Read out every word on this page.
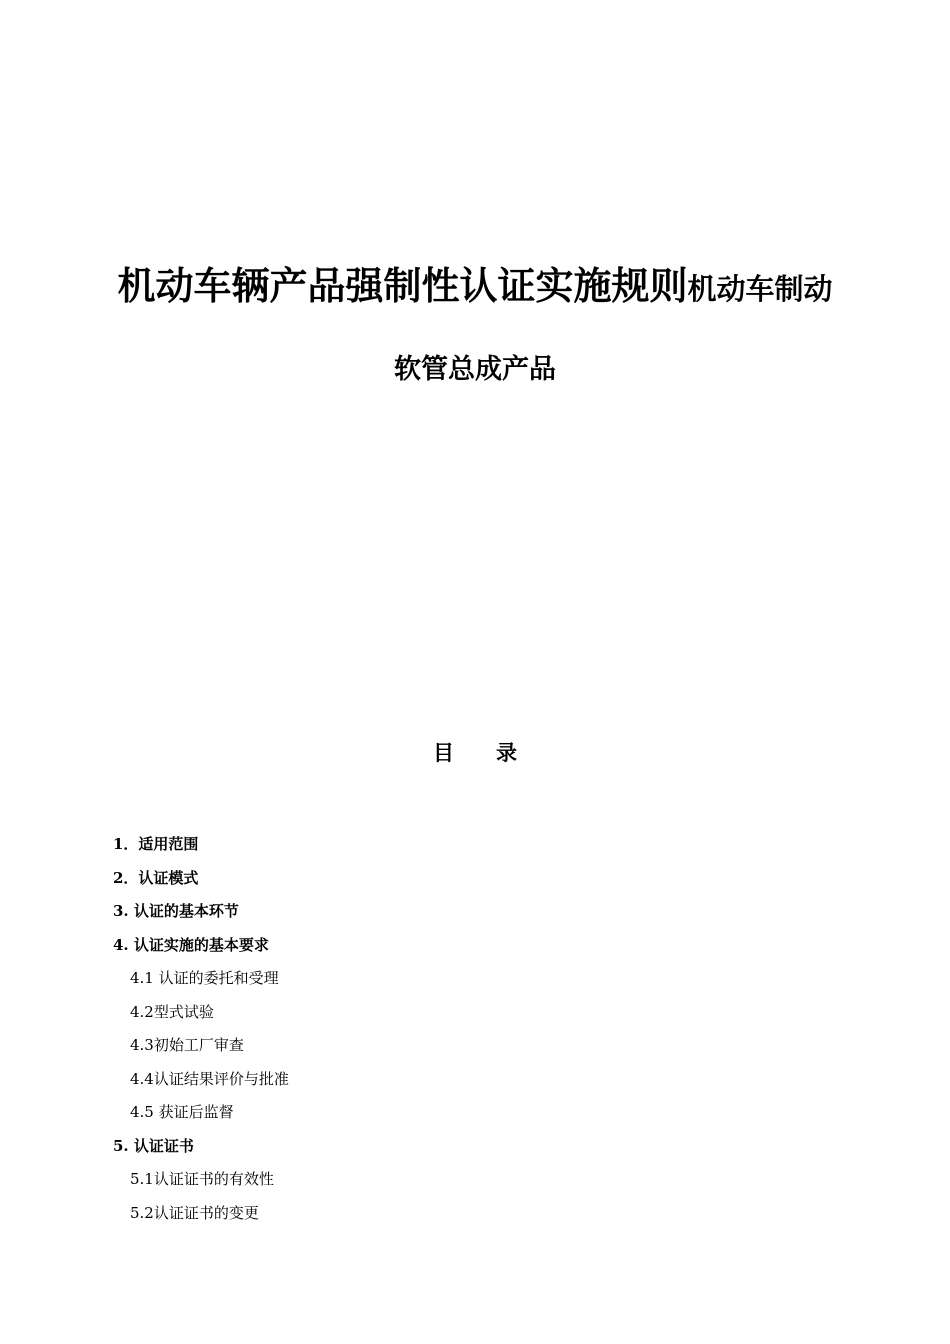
机动车辆产品强制性认证实施规则机动车制动
软管总成产品
目　　录
1．适用范围
2．认证模式
3. 认证的基本环节
4. 认证实施的基本要求
4.1 认证的委托和受理
4.2型式试验
4.3初始工厂审查
4.4认证结果评价与批准
4.5 获证后监督
5. 认证证书
5.1认证证书的有效性
5.2认证证书的变更
